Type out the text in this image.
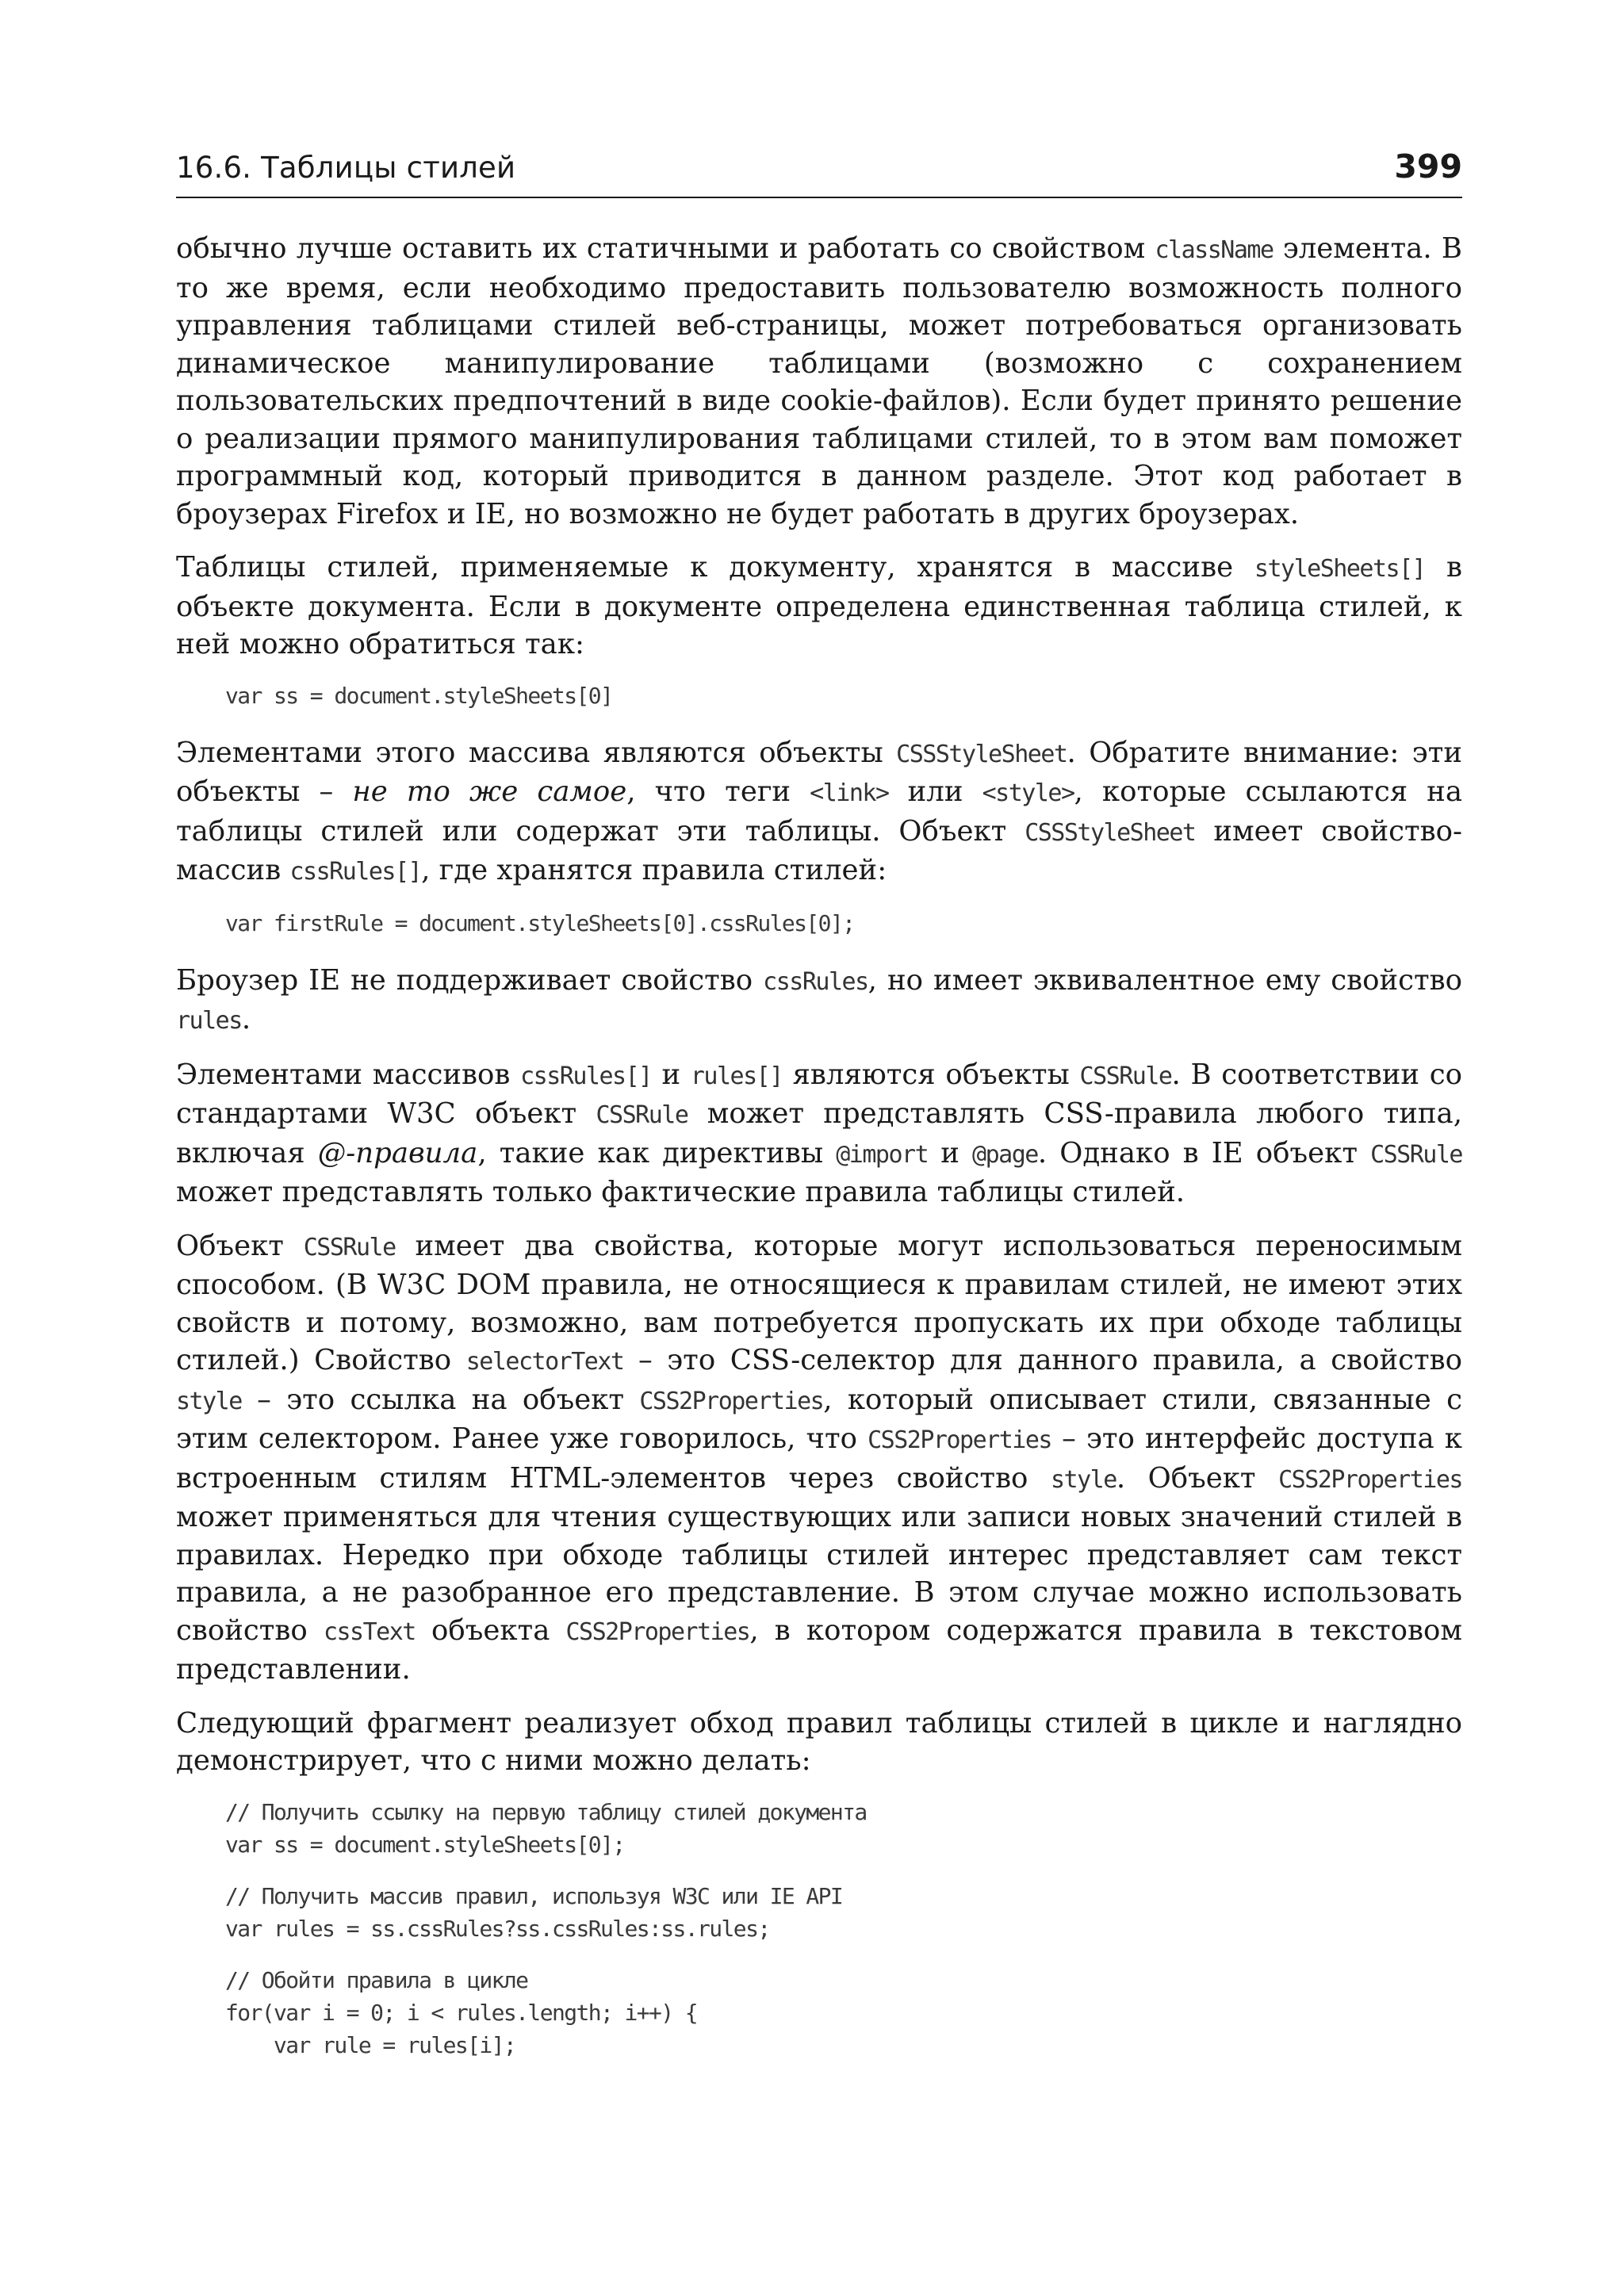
16.6. Таблицы стилей	399

обычно лучше оставить их статичными и работать со свойством className элемента. В то же время, если необходимо предоставить пользователю возможность полного управления таблицами стилей веб-страницы, может потребоваться организовать динамическое манипулирование таблицами (возможно с сохранением пользовательских предпочтений в виде cookie-файлов). Если будет принято решение о реализации прямого манипулирования таблицами стилей, то в этом вам поможет программный код, который приводится в данном разделе. Этот код работает в броузерах Firefox и IE, но возможно не будет работать в других броузерах.

Таблицы стилей, применяемые к документу, хранятся в массиве styleSheets[] в объекте документа. Если в документе определена единственная таблица стилей, к ней можно обратиться так:

var ss = document.styleSheets[0]

Элементами этого массива являются объекты CSSStyleSheet. Обратите внимание: эти объекты – не то же самое, что теги <link> или <style>, которые ссылаются на таблицы стилей или содержат эти таблицы. Объект CSSStyleSheet имеет свойство-массив cssRules[], где хранятся правила стилей:

var firstRule = document.styleSheets[0].cssRules[0];

Броузер IE не поддерживает свойство cssRules, но имеет эквивалентное ему свойство rules.

Элементами массивов cssRules[] и rules[] являются объекты CSSRule. В соответствии со стандартами W3C объект CSSRule может представлять CSS-правила любого типа, включая @-правила, такие как директивы @import и @page. Однако в IE объект CSSRule может представлять только фактические правила таблицы стилей.

Объект CSSRule имеет два свойства, которые могут использоваться переносимым способом. (В W3C DOM правила, не относящиеся к правилам стилей, не имеют этих свойств и потому, возможно, вам потребуется пропускать их при обходе таблицы стилей.) Свойство selectorText – это CSS-селектор для данного правила, а свойство style – это ссылка на объект CSS2Properties, который описывает стили, связанные с этим селектором. Ранее уже говорилось, что CSS2Properties – это интерфейс доступа к встроенным стилям HTML-элементов через свойство style. Объект CSS2Properties может применяться для чтения существующих или записи новых значений стилей в правилах. Нередко при обходе таблицы стилей интерес представляет сам текст правила, а не разобранное его представление. В этом случае можно использовать свойство cssText объекта CSS2Properties, в котором содержатся правила в текстовом представлении.

Следующий фрагмент реализует обход правил таблицы стилей в цикле и наглядно демонстрирует, что с ними можно делать:

// Получить ссылку на первую таблицу стилей документа
var ss = document.styleSheets[0];
// Получить массив правил, используя W3C или IE API
var rules = ss.cssRules?ss.cssRules:ss.rules;
// Обойти правила в цикле
for(var i = 0; i < rules.length; i++) {
var rule = rules[i];
